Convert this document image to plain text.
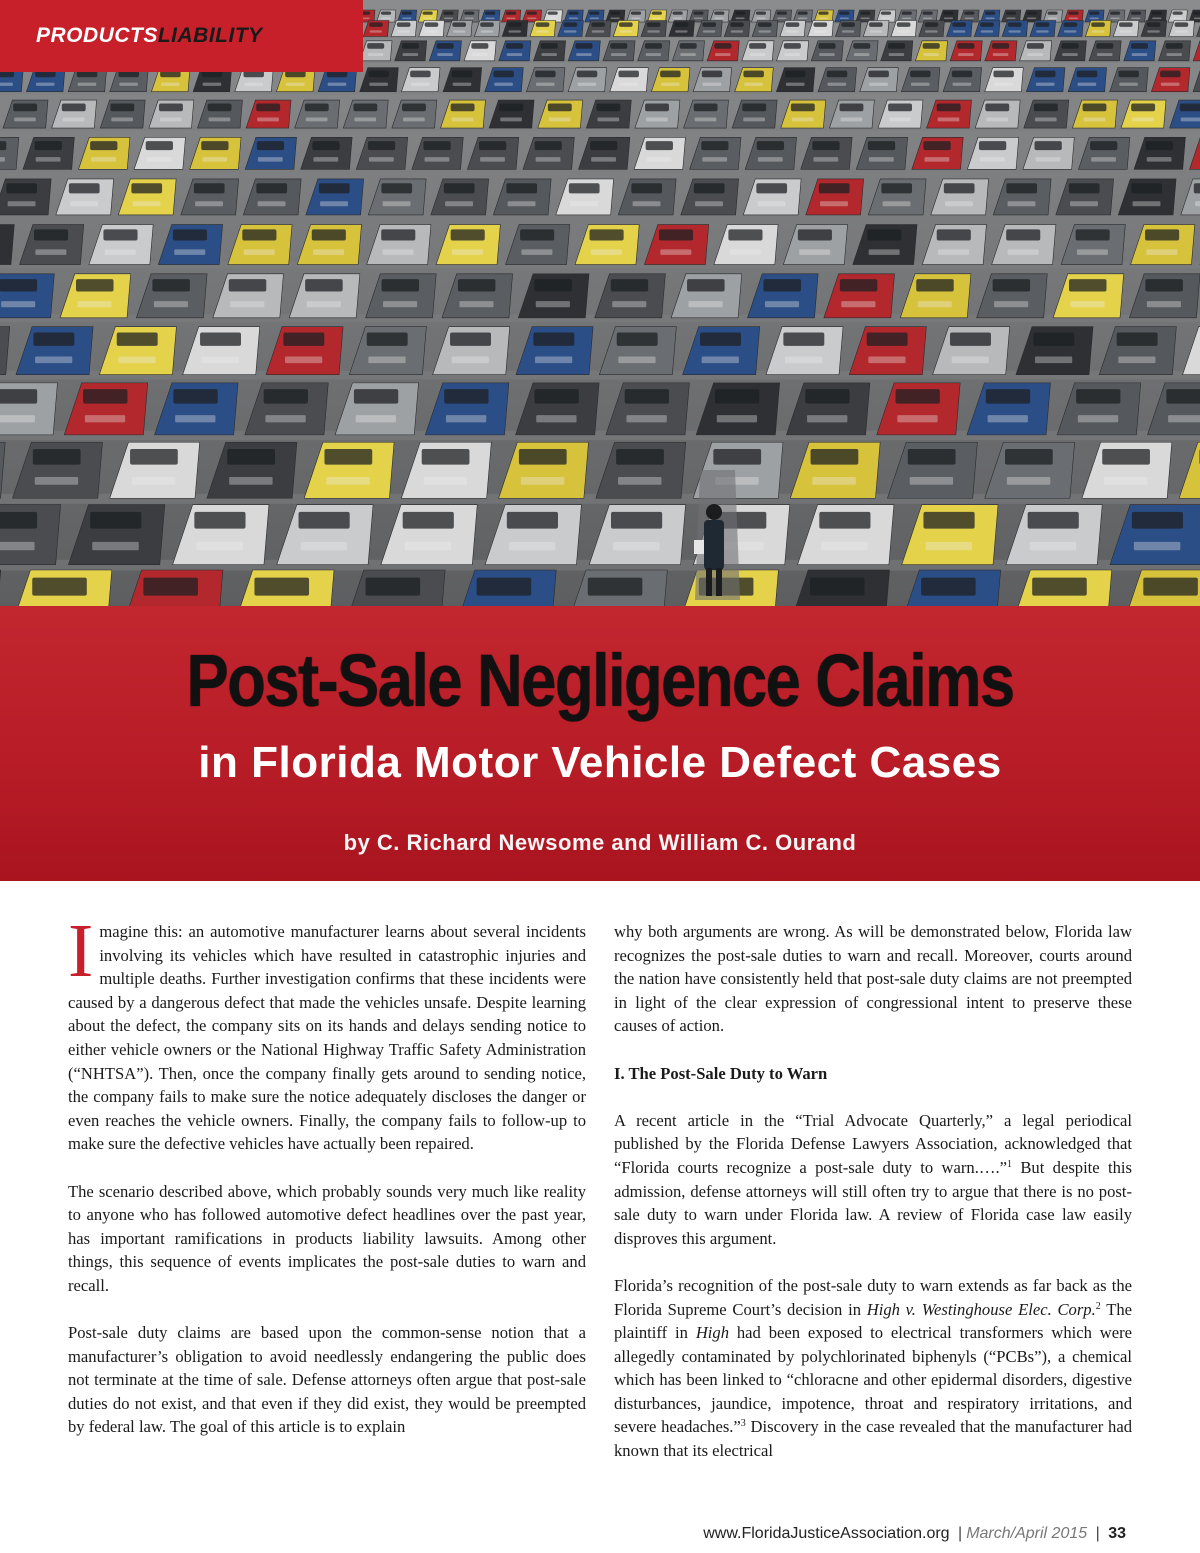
PRODUCTSLIABILITY
Post-Sale Negligence Claims
in Florida Motor Vehicle Defect Cases
by C. Richard Newsome and William C. Ourand

Imagine this: an automotive manufacturer learns about several incidents involving its vehicles which have resulted in catastrophic injuries and multiple deaths. Further investigation confirms that these incidents were caused by a dangerous defect that made the vehicles unsafe. Despite learning about the defect, the company sits on its hands and delays sending notice to either vehicle owners or the National Highway Traffic Safety Administration (“NHTSA”). Then, once the company finally gets around to sending notice, the company fails to make sure the notice adequately discloses the danger or even reaches the vehicle owners. Finally, the company fails to follow-up to make sure the defective vehicles have actually been repaired.

The scenario described above, which probably sounds very much like reality to anyone who has followed automotive defect headlines over the past year, has important ramifications in products liability lawsuits. Among other things, this sequence of events implicates the post-sale duties to warn and recall.

Post-sale duty claims are based upon the common-sense notion that a manufacturer’s obligation to avoid needlessly endangering the public does not terminate at the time of sale. Defense attorneys often argue that post-sale duties do not exist, and that even if they did exist, they would be preempted by federal law. The goal of this article is to explain

why both arguments are wrong. As will be demonstrated below, Florida law recognizes the post-sale duties to warn and recall. Moreover, courts around the nation have consistently held that post-sale duty claims are not preempted in light of the clear expression of congressional intent to preserve these causes of action.

I. The Post-Sale Duty to Warn

A recent article in the “Trial Advocate Quarterly,” a legal periodical published by the Florida Defense Lawyers Association, acknowledged that “Florida courts recognize a post-sale duty to warn.….”$^1$ But despite this admission, defense attorneys will still often try to argue that there is no post-sale duty to warn under Florida law. A review of Florida case law easily disproves this argument.

Florida’s recognition of the post-sale duty to warn extends as far back as the Florida Supreme Court’s decision in High v. Westinghouse Elec. Corp.$^2$ The plaintiff in High had been exposed to electrical transformers which were allegedly contaminated by polychlorinated biphenyls (“PCBs”), a chemical which has been linked to “chloracne and other epidermal disorders, digestive disturbances, jaundice, impotence, throat and respiratory irritations, and severe headaches.”$^3$ Discovery in the case revealed that the manufacturer had known that its electrical

www.FloridaJusticeAssociation.org | March/April 2015 | 33
